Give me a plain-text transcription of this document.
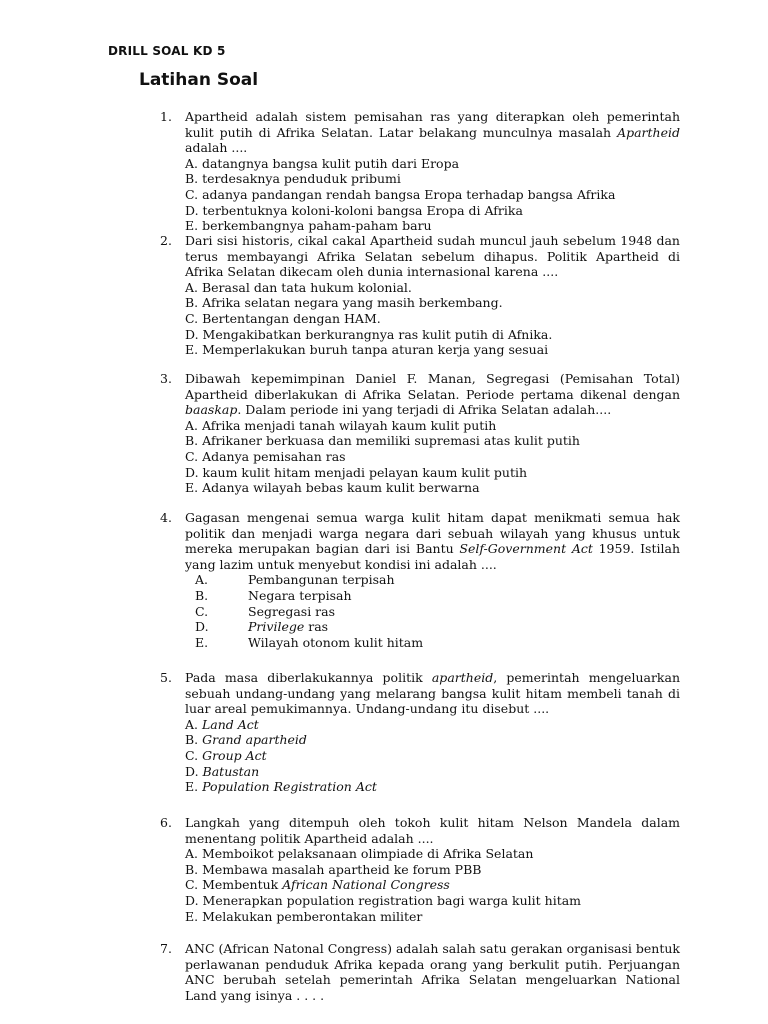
DRILL SOAL KD 5
Latihan Soal
1. Apartheid adalah sistem pemisahan ras yang diterapkan oleh pemerintah kulit putih di Afrika Selatan. Latar belakang munculnya masalah Apartheid adalah ....
A. datangnya bangsa kulit putih dari Eropa
B. terdesaknya penduduk pribumi
C. adanya pandangan rendah bangsa Eropa terhadap bangsa Afrika
D. terbentuknya koloni-koloni bangsa Eropa di Afrika
E. berkembangnya paham-paham baru
2. Dari sisi historis, cikal cakal Apartheid sudah muncul jauh sebelum 1948 dan terus membayangi Afrika Selatan sebelum dihapus. Politik Apartheid di Afrika Selatan dikecam oleh dunia internasional karena ....
A. Berasal dan tata hukum kolonial.
B. Afrika selatan negara yang masih berkembang.
C. Bertentangan dengan HAM.
D. Mengakibatkan berkurangnya ras kulit putih di Afnika.
E. Memperlakukan buruh tanpa aturan kerja yang sesuai
3. Dibawah kepemimpinan Daniel F. Manan, Segregasi (Pemisahan Total) Apartheid diberlakukan di Afrika Selatan. Periode pertama dikenal dengan baaskap. Dalam periode ini yang terjadi di Afrika Selatan adalah....
A. Afrika menjadi tanah wilayah kaum kulit putih
B. Afrikaner berkuasa dan memiliki supremasi atas kulit putih
C. Adanya pemisahan ras
D. kaum kulit hitam menjadi pelayan kaum kulit putih
E. Adanya wilayah bebas kaum kulit berwarna
4. Gagasan mengenai semua warga kulit hitam dapat menikmati semua hak politik dan menjadi warga negara dari sebuah wilayah yang khusus untuk mereka merupakan bagian dari isi Bantu Self-Government Act 1959. Istilah yang lazim untuk menyebut kondisi ini adalah ....
A.	Pembangunan terpisah

B.	Negara terpisah

C.	Segregasi ras

D.	Privilege ras

E.	Wilayah otonom kulit hitam

5. Pada masa diberlakukannya politik apartheid, pemerintah mengeluarkan sebuah undang-undang yang melarang bangsa kulit hitam membeli tanah di luar areal pemukimannya. Undang-undang itu disebut ....
A. Land Act
B. Grand apartheid
C. Group Act
D. Batustan
E. Population Registration Act
6. Langkah yang ditempuh oleh tokoh kulit hitam Nelson Mandela dalam menentang politik Apartheid adalah ....
A. Memboikot pelaksanaan olimpiade di Afrika Selatan
B. Membawa masalah apartheid ke forum PBB
C. Membentuk African National Congress
D. Menerapkan population registration bagi warga kulit hitam
E. Melakukan pemberontakan militer
7. ANC (African Natonal Congress) adalah salah satu gerakan organisasi bentuk perlawanan penduduk Afrika kepada orang yang berkulit putih. Perjuangan ANC berubah setelah pemerintah Afrika Selatan mengeluarkan National Land yang isinya . . . .
